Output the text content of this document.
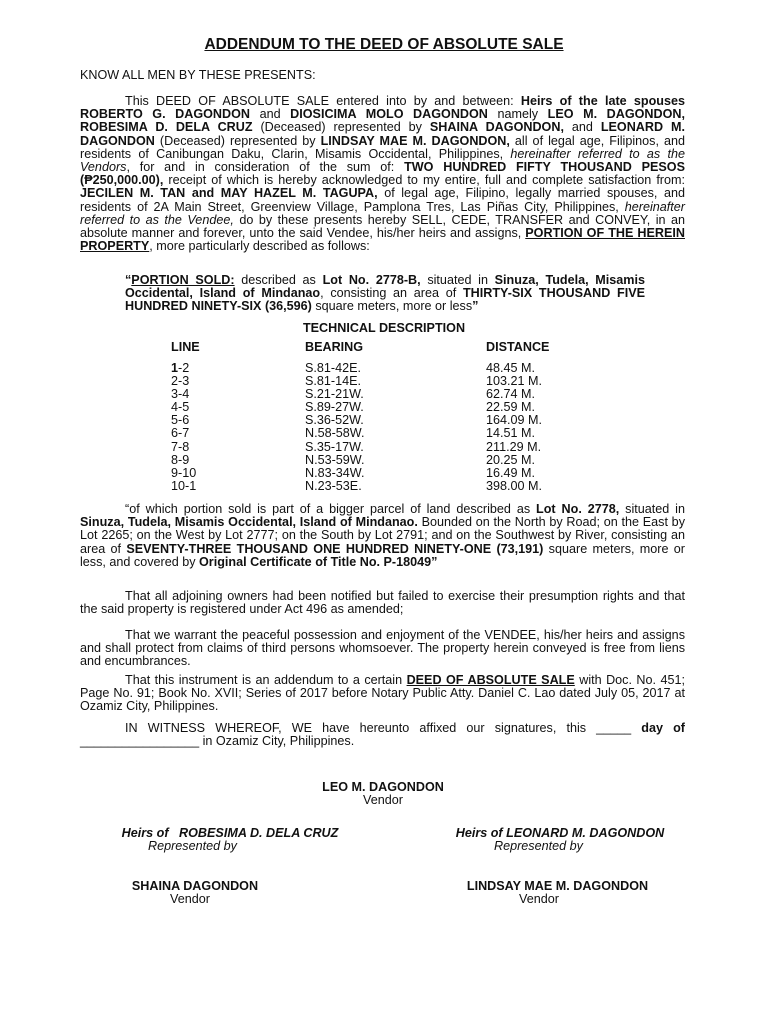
ADDENDUM TO THE DEED OF ABSOLUTE SALE
KNOW ALL MEN BY THESE PRESENTS:
This DEED OF ABSOLUTE SALE entered into by and between: Heirs of the late spouses ROBERTO G. DAGONDON and DIOSICIMA MOLO DAGONDON namely LEO M. DAGONDON, ROBESIMA D. DELA CRUZ (Deceased) represented by SHAINA DAGONDON, and LEONARD M. DAGONDON (Deceased) represented by LINDSAY MAE M. DAGONDON, all of legal age, Filipinos, and residents of Canibungan Daku, Clarin, Misamis Occidental, Philippines, hereinafter referred to as the Vendors, for and in consideration of the sum of: TWO HUNDRED FIFTY THOUSAND PESOS (₱250,000.00), receipt of which is hereby acknowledged to my entire, full and complete satisfaction from: JECILEN M. TAN and MAY HAZEL M. TAGUPA, of legal age, Filipino, legally married spouses, and residents of 2A Main Street, Greenview Village, Pamplona Tres, Las Piñas City, Philippines, hereinafter referred to as the Vendee, do by these presents hereby SELL, CEDE, TRANSFER and CONVEY, in an absolute manner and forever, unto the said Vendee, his/her heirs and assigns, PORTION OF THE HEREIN PROPERTY, more particularly described as follows:
“PORTION SOLD: described as Lot No. 2778-B, situated in Sinuza, Tudela, Misamis Occidental, Island of Mindanao, consisting an area of THIRTY-SIX THOUSAND FIVE HUNDRED NINETY-SIX (36,596) square meters, more or less”
TECHNICAL DESCRIPTION
LINE	BEARING	DISTANCE
1-2	S.81-42E.	48.45 M.
2-3	S.81-14E.	103.21 M.
3-4	S.21-21W.	62.74 M.
4-5	S.89-27W.	22.59 M.
5-6	S.36-52W.	164.09 M.
6-7	N.58-58W.	14.51 M.
7-8	S.35-17W.	211.29 M.
8-9	N.53-59W.	20.25 M.
9-10	N.83-34W.	16.49 M.
10-1	N.23-53E.	398.00 M.
“of which portion sold is part of a bigger parcel of land described as Lot No. 2778, situated in Sinuza, Tudela, Misamis Occidental, Island of Mindanao. Bounded on the North by Road; on the East by Lot 2265; on the West by Lot 2777; on the South by Lot 2791; and on the Southwest by River, consisting an area of SEVENTY-THREE THOUSAND ONE HUNDRED NINETY-ONE (73,191) square meters, more or less, and covered by Original Certificate of Title No. P-18049”
That all adjoining owners had been notified but failed to exercise their presumption rights and that the said property is registered under Act 496 as amended;
That we warrant the peaceful possession and enjoyment of the VENDEE, his/her heirs and assigns and shall protect from claims of third persons whomsoever. The property herein conveyed is free from liens and encumbrances.
That this instrument is an addendum to a certain DEED OF ABSOLUTE SALE with Doc. No. 451; Page No. 91; Book No. XVII; Series of 2017 before Notary Public Atty. Daniel C. Lao dated July 05, 2017 at Ozamiz City, Philippines.
IN WITNESS WHEREOF, WE have hereunto affixed our signatures, this _____ day of _________________ in Ozamiz City, Philippines.
LEO M. DAGONDON
Vendor
Heirs of   ROBESIMA D. DELA CRUZ
Represented by
Heirs of LEONARD M. DAGONDON
Represented by
SHAINA DAGONDON
Vendor
LINDSAY MAE M. DAGONDON
Vendor
